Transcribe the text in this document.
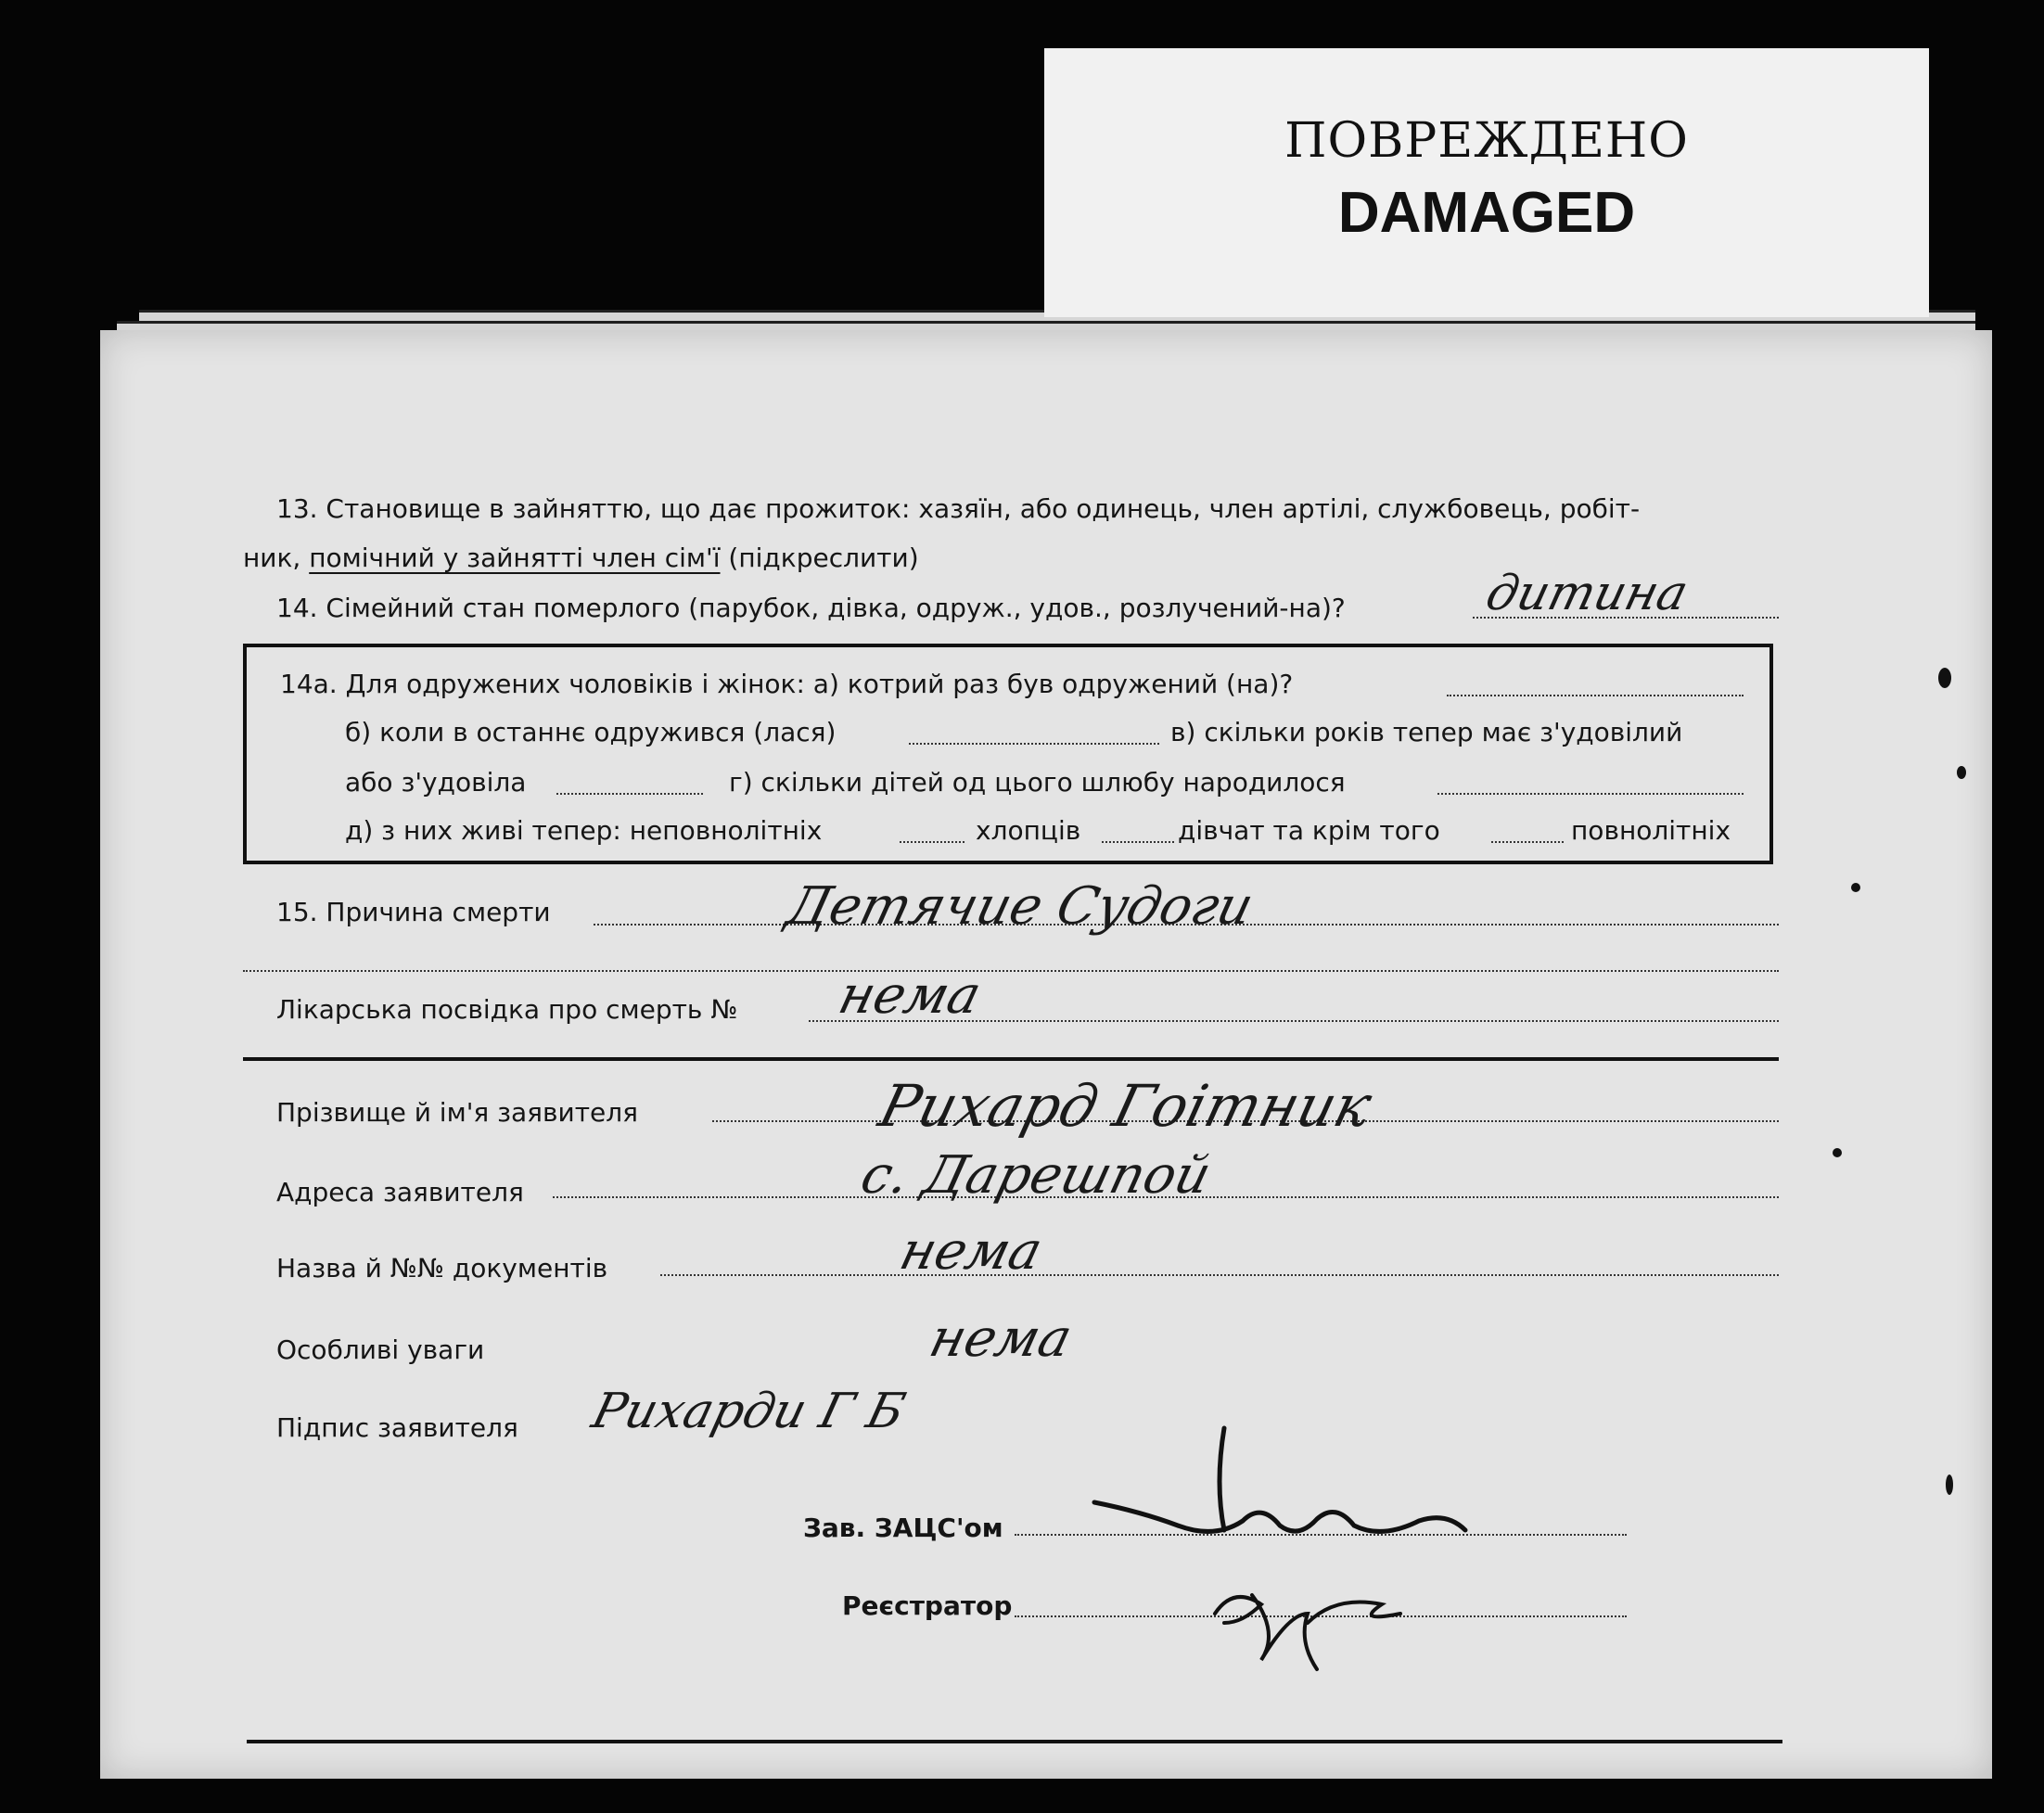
ПОВРЕЖДЕНО
DAMAGED
13. Становище в зайняттю, що дає прожиток: хазяїн, або одинець, член артілі, службовець, робіт-
ник, помічний у зайнятті член сім'ї (підкреслити)
14. Сімейний стан померлого (парубок, дівка, одруж., удов., розлучений-на)?	дитина
14а. Для одружених чоловіків і жінок: а) котрий раз був одружений (на)?
б) коли в останнє одружився (лася)	в) скільки років тепер має з'удовілий
або з'удовіла	г) скільки дітей од цього шлюбу народилося
д) з них живі тепер: неповнолітніх	хлопців	дівчат та крім того	повнолітніх
15. Причина смерти	Детячие Судоги
Лікарська посвідка про смерть № нема
Прізвище й ім'я заявителя	Рихард Гоітник
Адреса заявителя	с. Дарешпой
Назва й №№ документів	нема
Особливі уваги	нема
Підпис заявителя Рихарди Г Б
Зав. ЗАЦС'ом
Реєстратор
